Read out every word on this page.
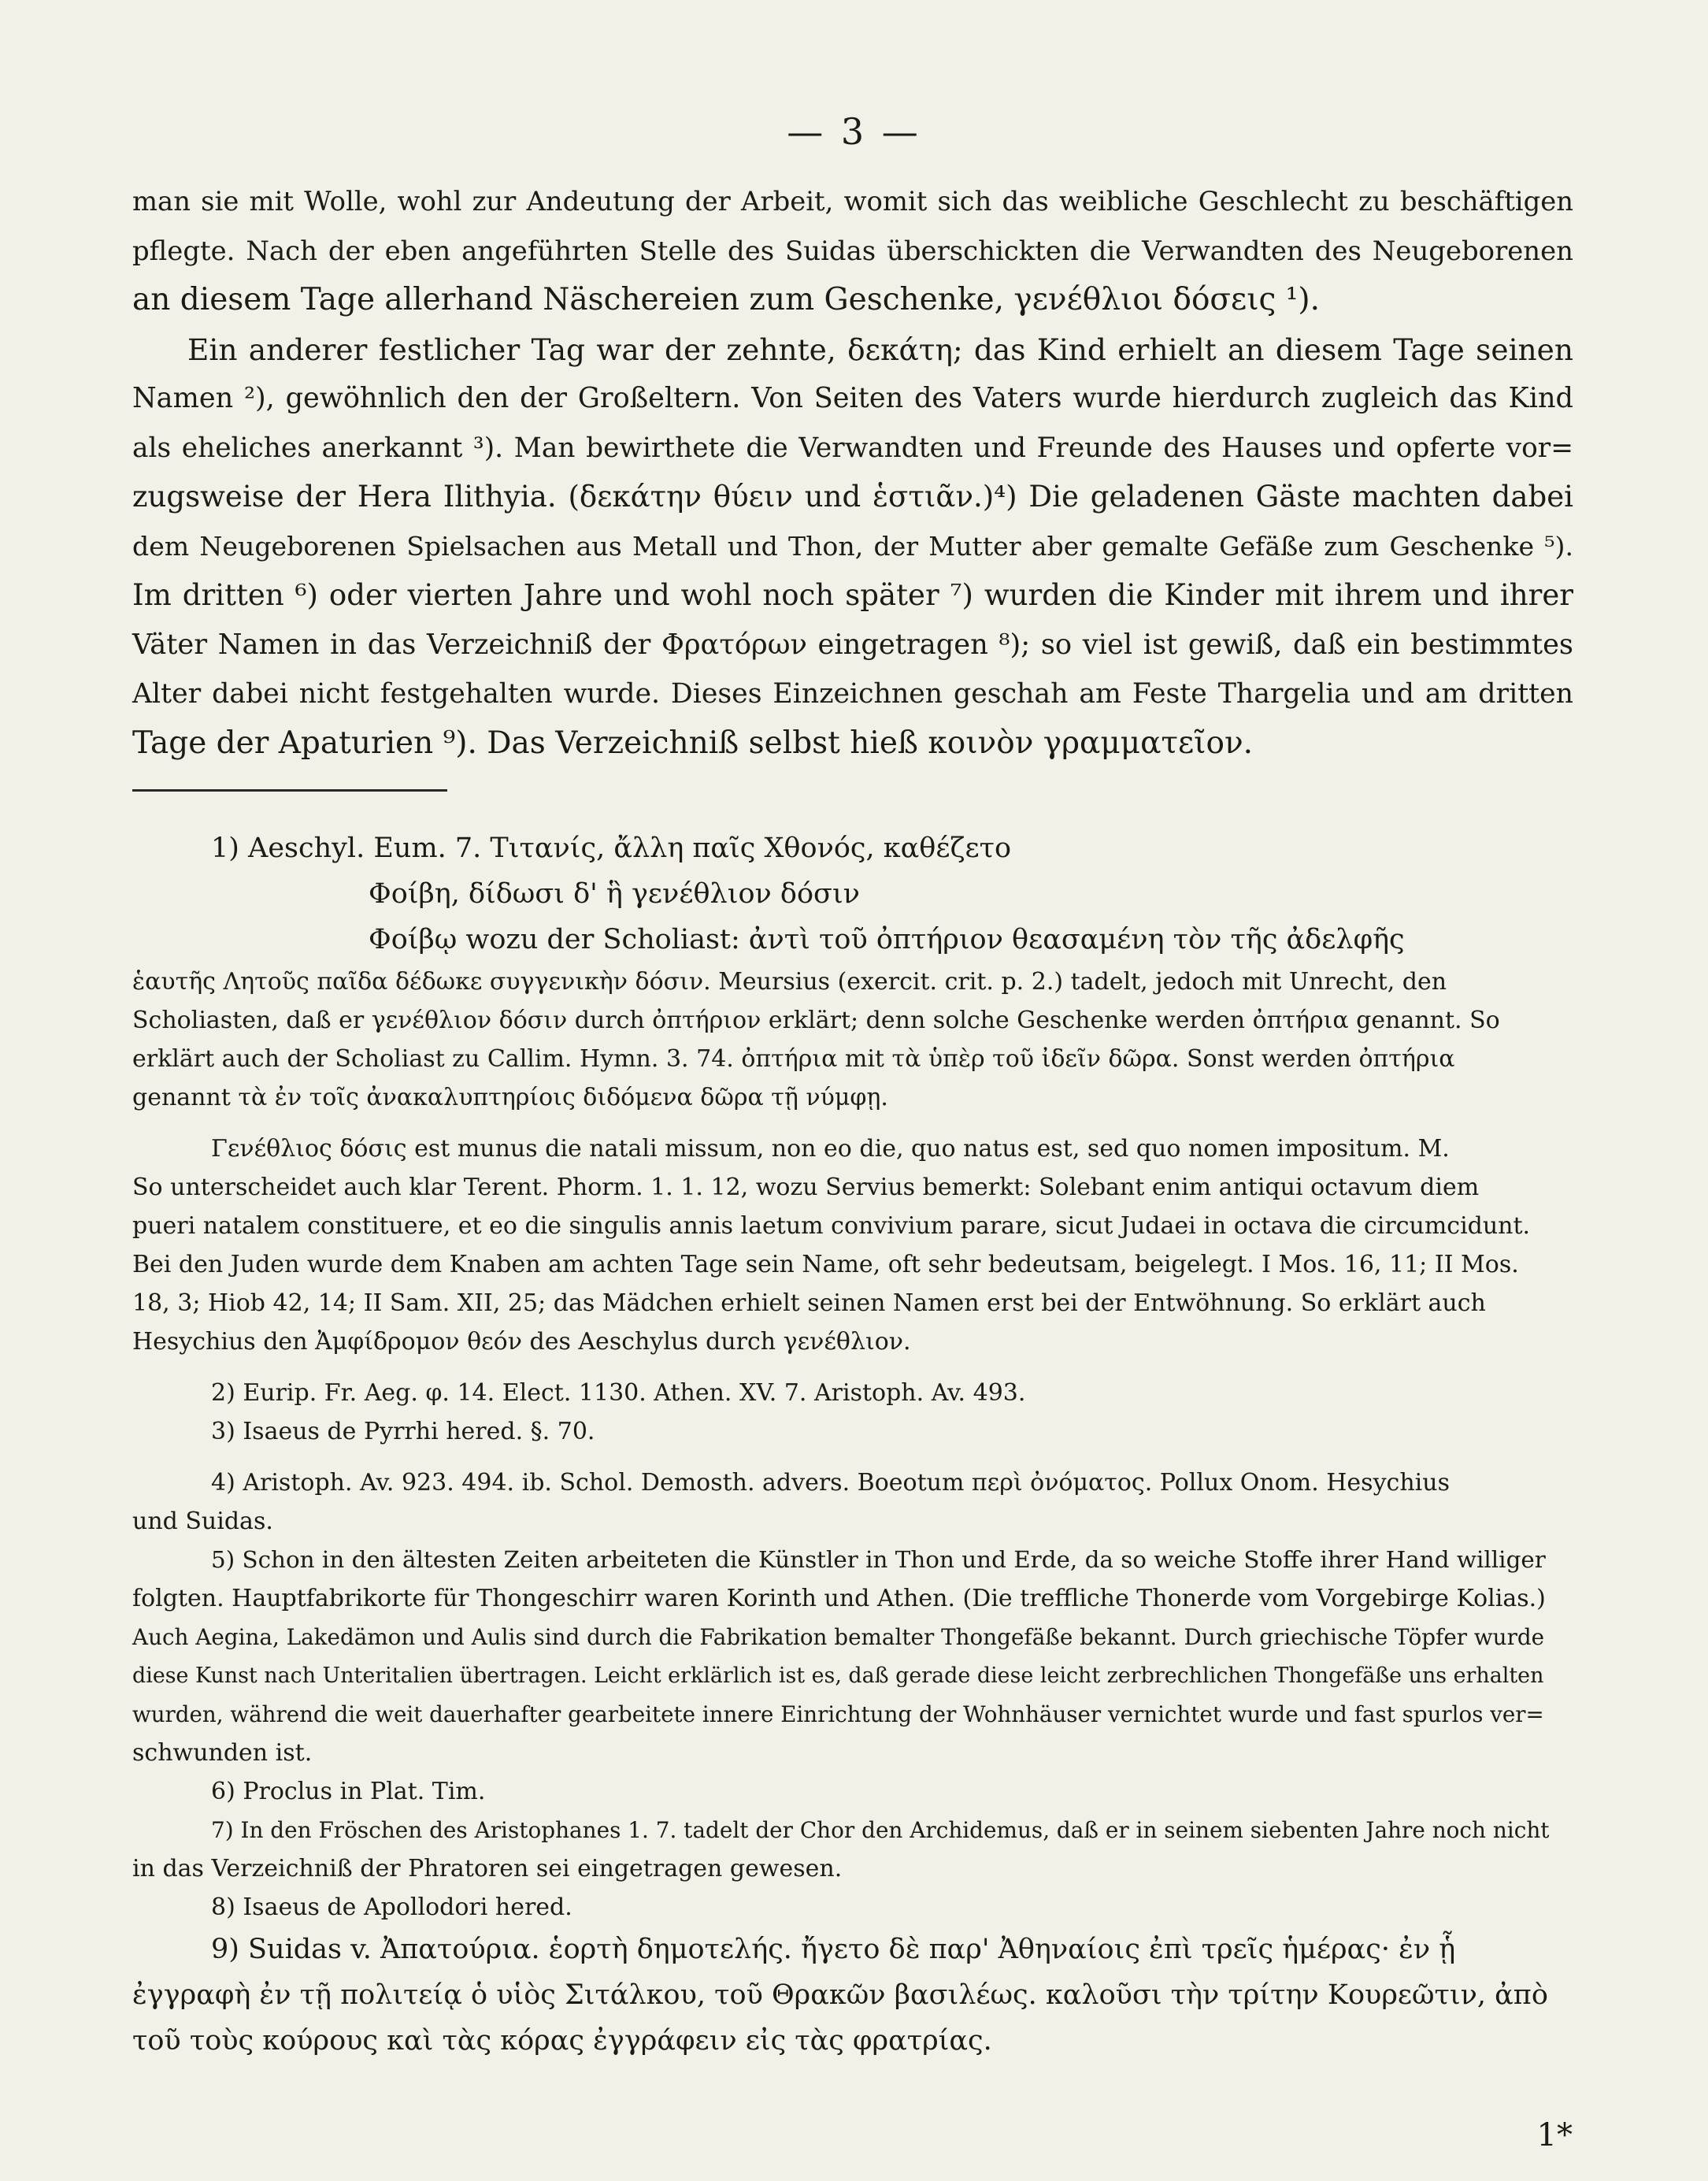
— 3 —
man sie mit Wolle, wohl zur Andeutung der Arbeit, womit sich das weibliche Geschlecht zu beschäftigen
pflegte. Nach der eben angeführten Stelle des Suidas überschickten die Verwandten des Neugeborenen
an diesem Tage allerhand Näschereien zum Geschenke, γενέθλιοι δόσεις ¹).
Ein anderer festlicher Tag war der zehnte, δεκάτη; das Kind erhielt an diesem Tage seinen
Namen ²), gewöhnlich den der Großeltern. Von Seiten des Vaters wurde hierdurch zugleich das Kind
als eheliches anerkannt ³). Man bewirthete die Verwandten und Freunde des Hauses und opferte vor=
zugsweise der Hera Ilithyia. (δεκάτην θύειν und ἑστιᾶν.)⁴) Die geladenen Gäste machten dabei
dem Neugeborenen Spielsachen aus Metall und Thon, der Mutter aber gemalte Gefäße zum Geschenke ⁵).
Im dritten ⁶) oder vierten Jahre und wohl noch später ⁷) wurden die Kinder mit ihrem und ihrer
Väter Namen in das Verzeichniß der Φρατόρων eingetragen ⁸); so viel ist gewiß, daß ein bestimmtes
Alter dabei nicht festgehalten wurde. Dieses Einzeichnen geschah am Feste Thargelia und am dritten
Tage der Apaturien ⁹). Das Verzeichniß selbst hieß κοινὸν γραμματεῖον.
1) Aeschyl. Eum. 7. Τιτανίς, ἄλλη παῖς Χθονός, καθέζετο
Φοίβη, δίδωσι δ' ἣ γενέθλιον δόσιν
Φοίβῳ wozu der Scholiast: ἀντὶ τοῦ ὀπτήριον θεασαμένη τὸν τῆς ἀδελφῆς
ἑαυτῆς Λητοῦς παῖδα δέδωκε συγγενικὴν δόσιν. Meursius (exercit. crit. p. 2.) tadelt, jedoch mit Unrecht, den
Scholiasten, daß er γενέθλιον δόσιν durch ὀπτήριον erklärt; denn solche Geschenke werden ὀπτήρια genannt. So
erklärt auch der Scholiast zu Callim. Hymn. 3. 74. ὀπτήρια mit τὰ ὑπὲρ τοῦ ἰδεῖν δῶρα. Sonst werden ὀπτήρια
genannt τὰ ἐν τοῖς ἀνακαλυπτηρίοις διδόμενα δῶρα τῇ νύμφῃ.
Γενέθλιος δόσις est munus die natali missum, non eo die, quo natus est, sed quo nomen impositum. M.
So unterscheidet auch klar Terent. Phorm. 1. 1. 12, wozu Servius bemerkt: Solebant enim antiqui octavum diem
pueri natalem constituere, et eo die singulis annis laetum convivium parare, sicut Judaei in octava die circumcidunt.
Bei den Juden wurde dem Knaben am achten Tage sein Name, oft sehr bedeutsam, beigelegt. I Mos. 16, 11; II Mos.
18, 3; Hiob 42, 14; II Sam. XII, 25; das Mädchen erhielt seinen Namen erst bei der Entwöhnung. So erklärt auch
Hesychius den Ἀμφίδρομον θεόν des Aeschylus durch γενέθλιον.
2) Eurip. Fr. Aeg. φ. 14. Elect. 1130. Athen. XV. 7. Aristoph. Av. 493.
3) Isaeus de Pyrrhi hered. §. 70.
4) Aristoph. Av. 923. 494. ib. Schol. Demosth. advers. Boeotum περὶ ὀνόματος. Pollux Onom. Hesychius
und Suidas.
5) Schon in den ältesten Zeiten arbeiteten die Künstler in Thon und Erde, da so weiche Stoffe ihrer Hand williger
folgten. Hauptfabrikorte für Thongeschirr waren Korinth und Athen. (Die treffliche Thonerde vom Vorgebirge Kolias.)
Auch Aegina, Lakedämon und Aulis sind durch die Fabrikation bemalter Thongefäße bekannt. Durch griechische Töpfer wurde
diese Kunst nach Unteritalien übertragen. Leicht erklärlich ist es, daß gerade diese leicht zerbrechlichen Thongefäße uns erhalten
wurden, während die weit dauerhafter gearbeitete innere Einrichtung der Wohnhäuser vernichtet wurde und fast spurlos ver=
schwunden ist.
6) Proclus in Plat. Tim.
7) In den Fröschen des Aristophanes 1. 7. tadelt der Chor den Archidemus, daß er in seinem siebenten Jahre noch nicht
in das Verzeichniß der Phratoren sei eingetragen gewesen.
8) Isaeus de Apollodori hered.
9) Suidas v. Ἀπατούρια. ἑορτὴ δημοτελής. ἤγετο δὲ παρ' Ἀθηναίοις ἐπὶ τρεῖς ἡμέρας· ἐν ᾗ
ἐγγραφὴ ἐν τῇ πολιτείᾳ ὁ υἱὸς Σιτάλκου, τοῦ Θρακῶν βασιλέως. καλοῦσι τὴν τρίτην Κουρεῶτιν, ἀπὸ
τοῦ τοὺς κούρους καὶ τὰς κόρας ἐγγράφειν εἰς τὰς φρατρίας.
1*
